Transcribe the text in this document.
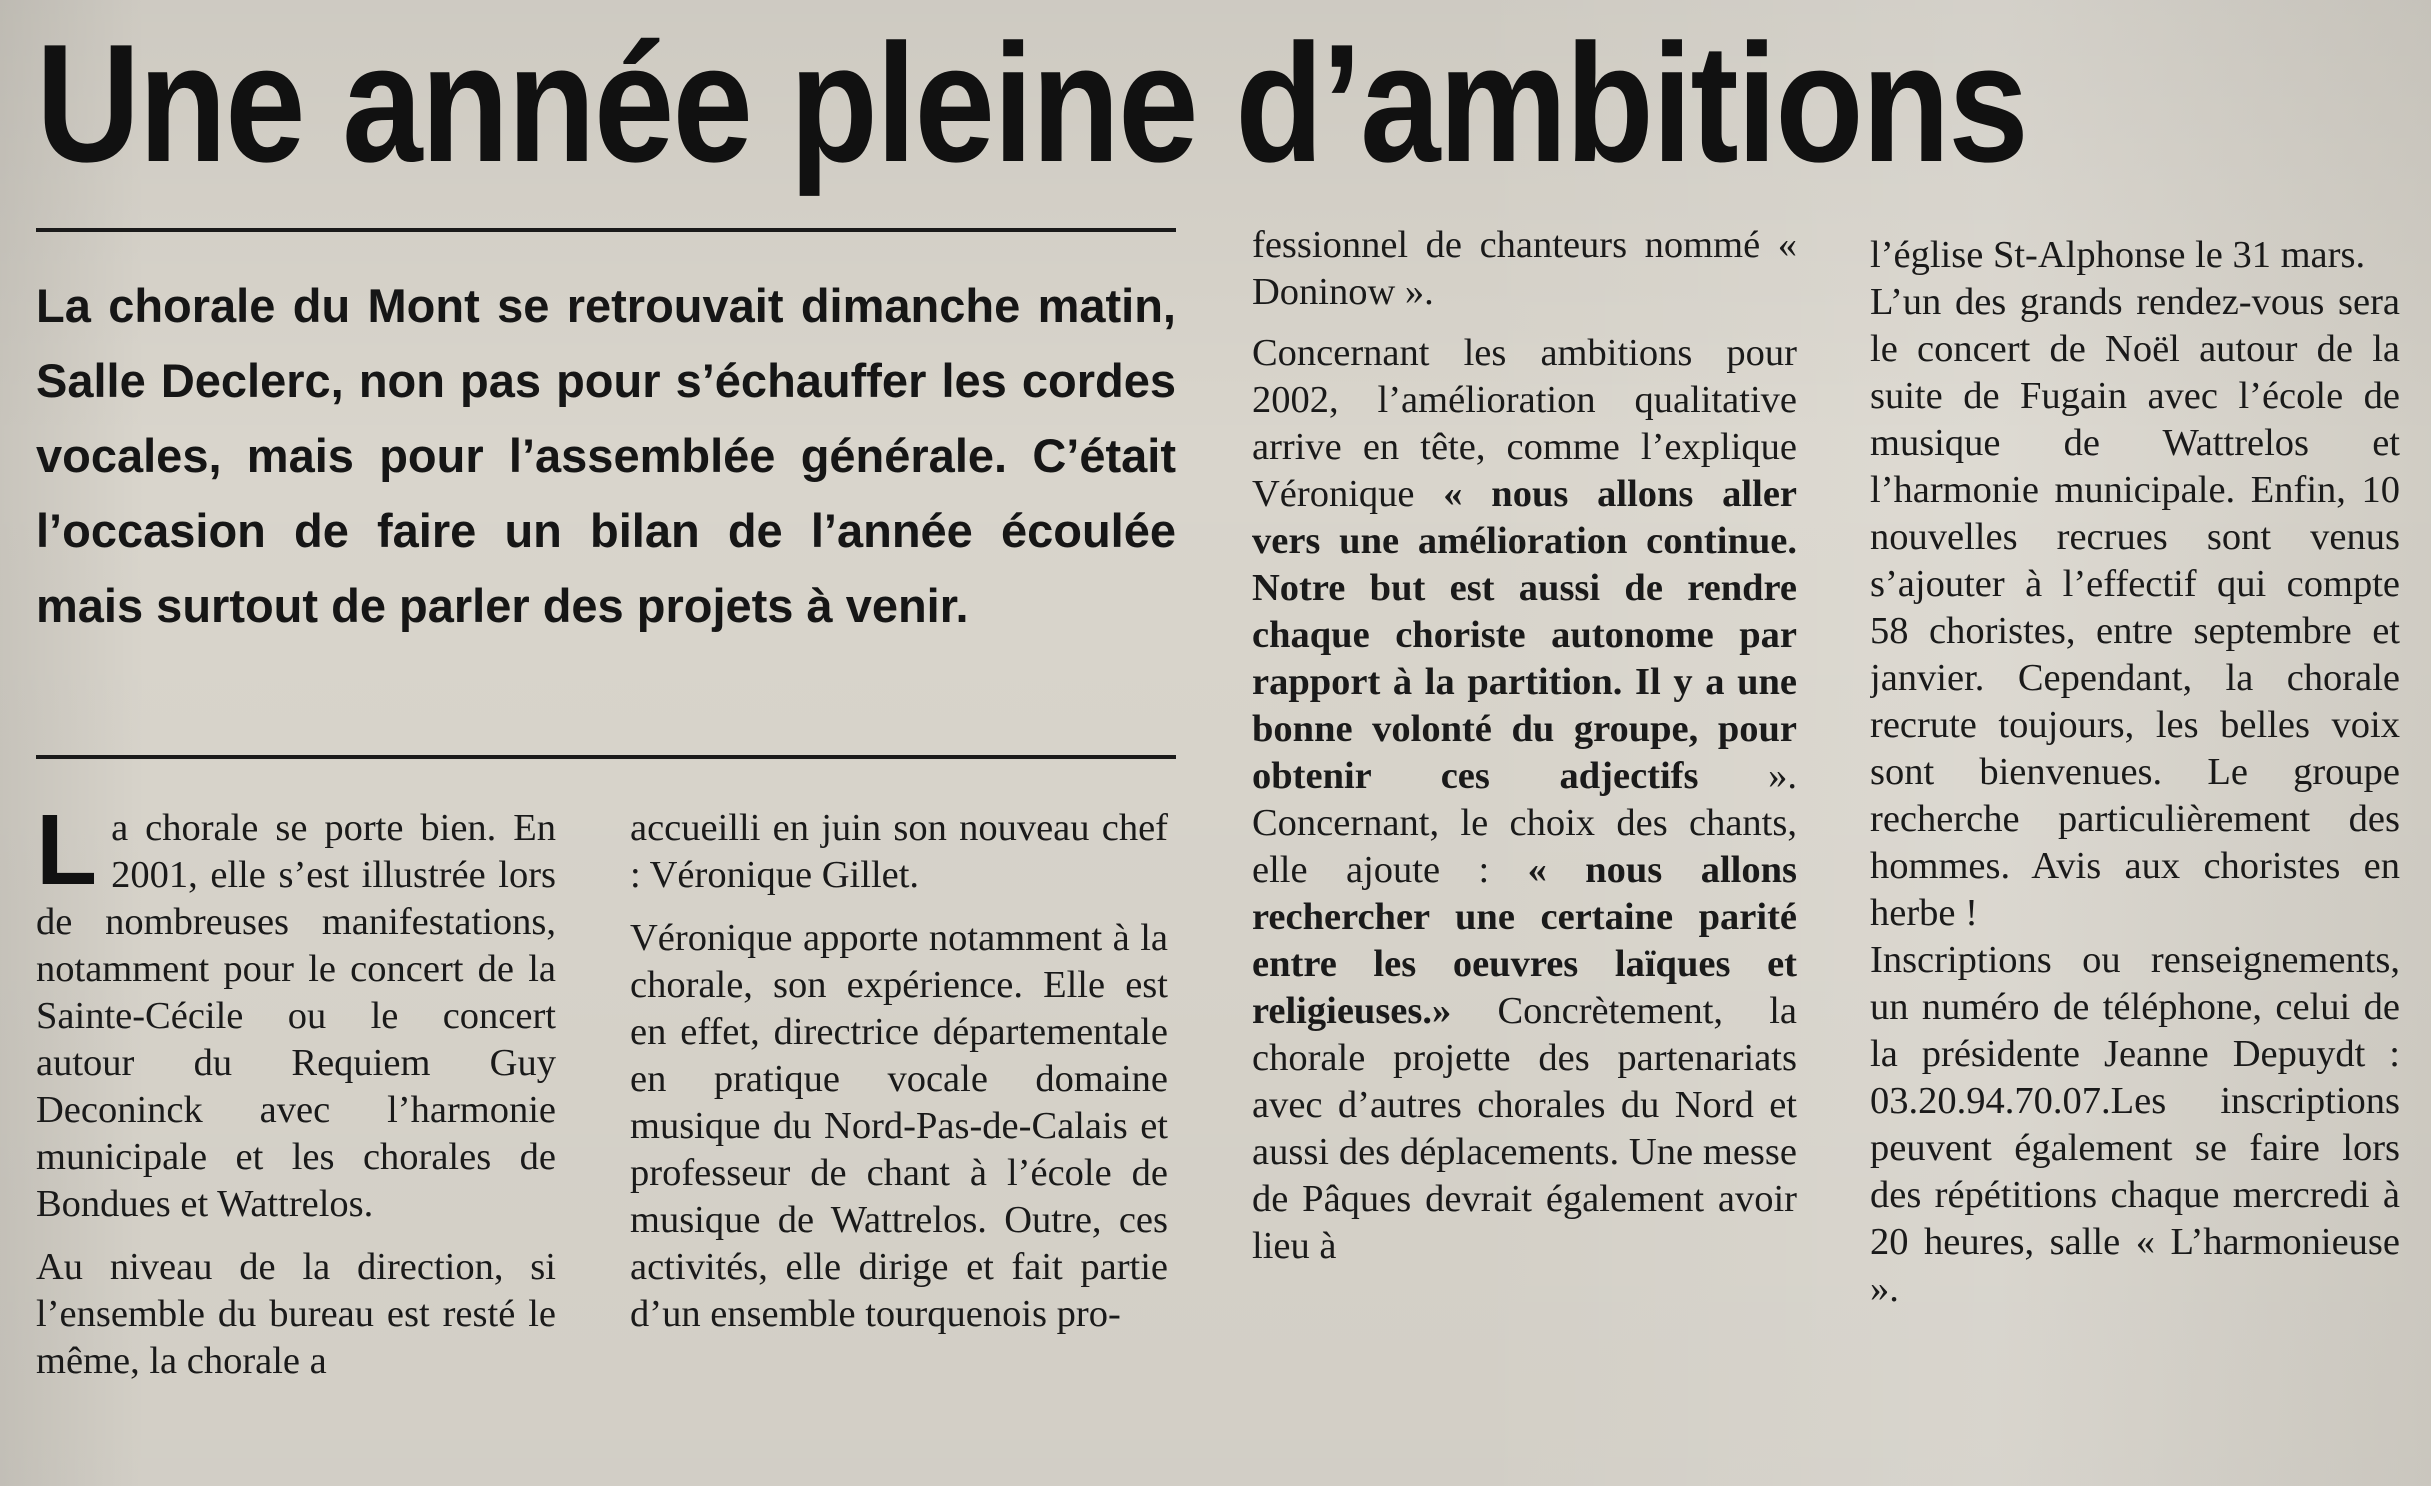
Une année pleine d’ambitions

La chorale du Mont se retrouvait dimanche matin, Salle Declerc, non pas pour s’échauffer les cordes vocales, mais pour l’assemblée générale. C’était l’occasion de faire un bilan de l’année écoulée mais surtout de parler des projets à venir.

La chorale se porte bien. En 2001, elle s’est illustrée lors de nombreuses manifestations, notamment pour le concert de la Sainte-Cécile ou le concert autour du Requiem Guy Deconinck avec l’harmonie municipale et les chorales de Bondues et Wattrelos.

Au niveau de la direction, si l’ensemble du bureau est resté le même, la chorale a

accueilli en juin son nouveau chef : Véronique Gillet.

Véronique apporte notamment à la chorale, son expérience. Elle est en effet, directrice départementale en pratique vocale domaine musique du Nord-Pas-de-Calais et professeur de chant à l’école de musique de Wattrelos. Outre, ces activités, elle dirige et fait partie d’un ensemble tourquenois pro-

fessionnel de chanteurs nommé « Doninow ».

Concernant les ambitions pour 2002, l’amélioration qualitative arrive en tête, comme l’explique Véronique « nous allons aller vers une amélioration continue. Notre but est aussi de rendre chaque choriste autonome par rapport à la partition. Il y a une bonne volonté du groupe, pour obtenir ces adjectifs ». Concernant, le choix des chants, elle ajoute : « nous allons rechercher une certaine parité entre les oeuvres laïques et religieuses.» Concrètement, la chorale projette des partenariats avec d’autres chorales du Nord et aussi des déplacements. Une messe de Pâques devrait également avoir lieu à

l’église St-Alphonse le 31 mars.

L’un des grands rendez-vous sera le concert de Noël autour de la suite de Fugain avec l’école de musique de Wattrelos et l’harmonie municipale. Enfin, 10 nouvelles recrues sont venus s’ajouter à l’effectif qui compte 58 choristes, entre septembre et janvier. Cependant, la chorale recrute toujours, les belles voix sont bienvenues. Le groupe recherche particulièrement des hommes. Avis aux choristes en herbe !

Inscriptions ou renseignements, un numéro de téléphone, celui de la présidente Jeanne Depuydt : 03.20.94.70.07.Les inscriptions peuvent également se faire lors des répétitions chaque mercredi à 20 heures, salle « L’harmonieuse ».
